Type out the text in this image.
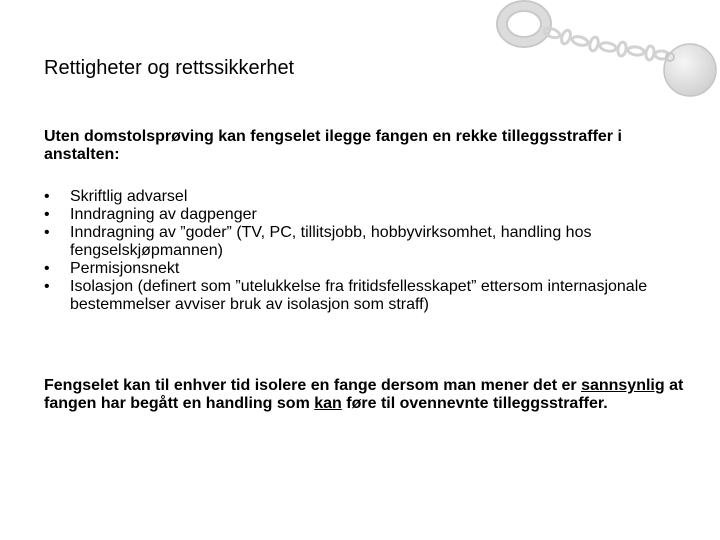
Rettigheter og rettssikkerhet
Uten domstolsprøving kan fengselet ilegge fangen en rekke tilleggsstraffer i anstalten:
• Skriftlig advarsel
• Inndragning av dagpenger
• Inndragning av ”goder” (TV, PC, tillitsjobb, hobbyvirksomhet, handling hos fengselskjøpmannen)
• Permisjonsnekt
• Isolasjon (definert som ”utelukkelse fra fritidsfellesskapet” ettersom internasjonale bestemmelser avviser bruk av isolasjon som straff)
Fengselet kan til enhver tid isolere en fange dersom man mener det er sannsynlig at fangen har begått en handling som kan føre til ovennevnte tilleggsstraffer.
